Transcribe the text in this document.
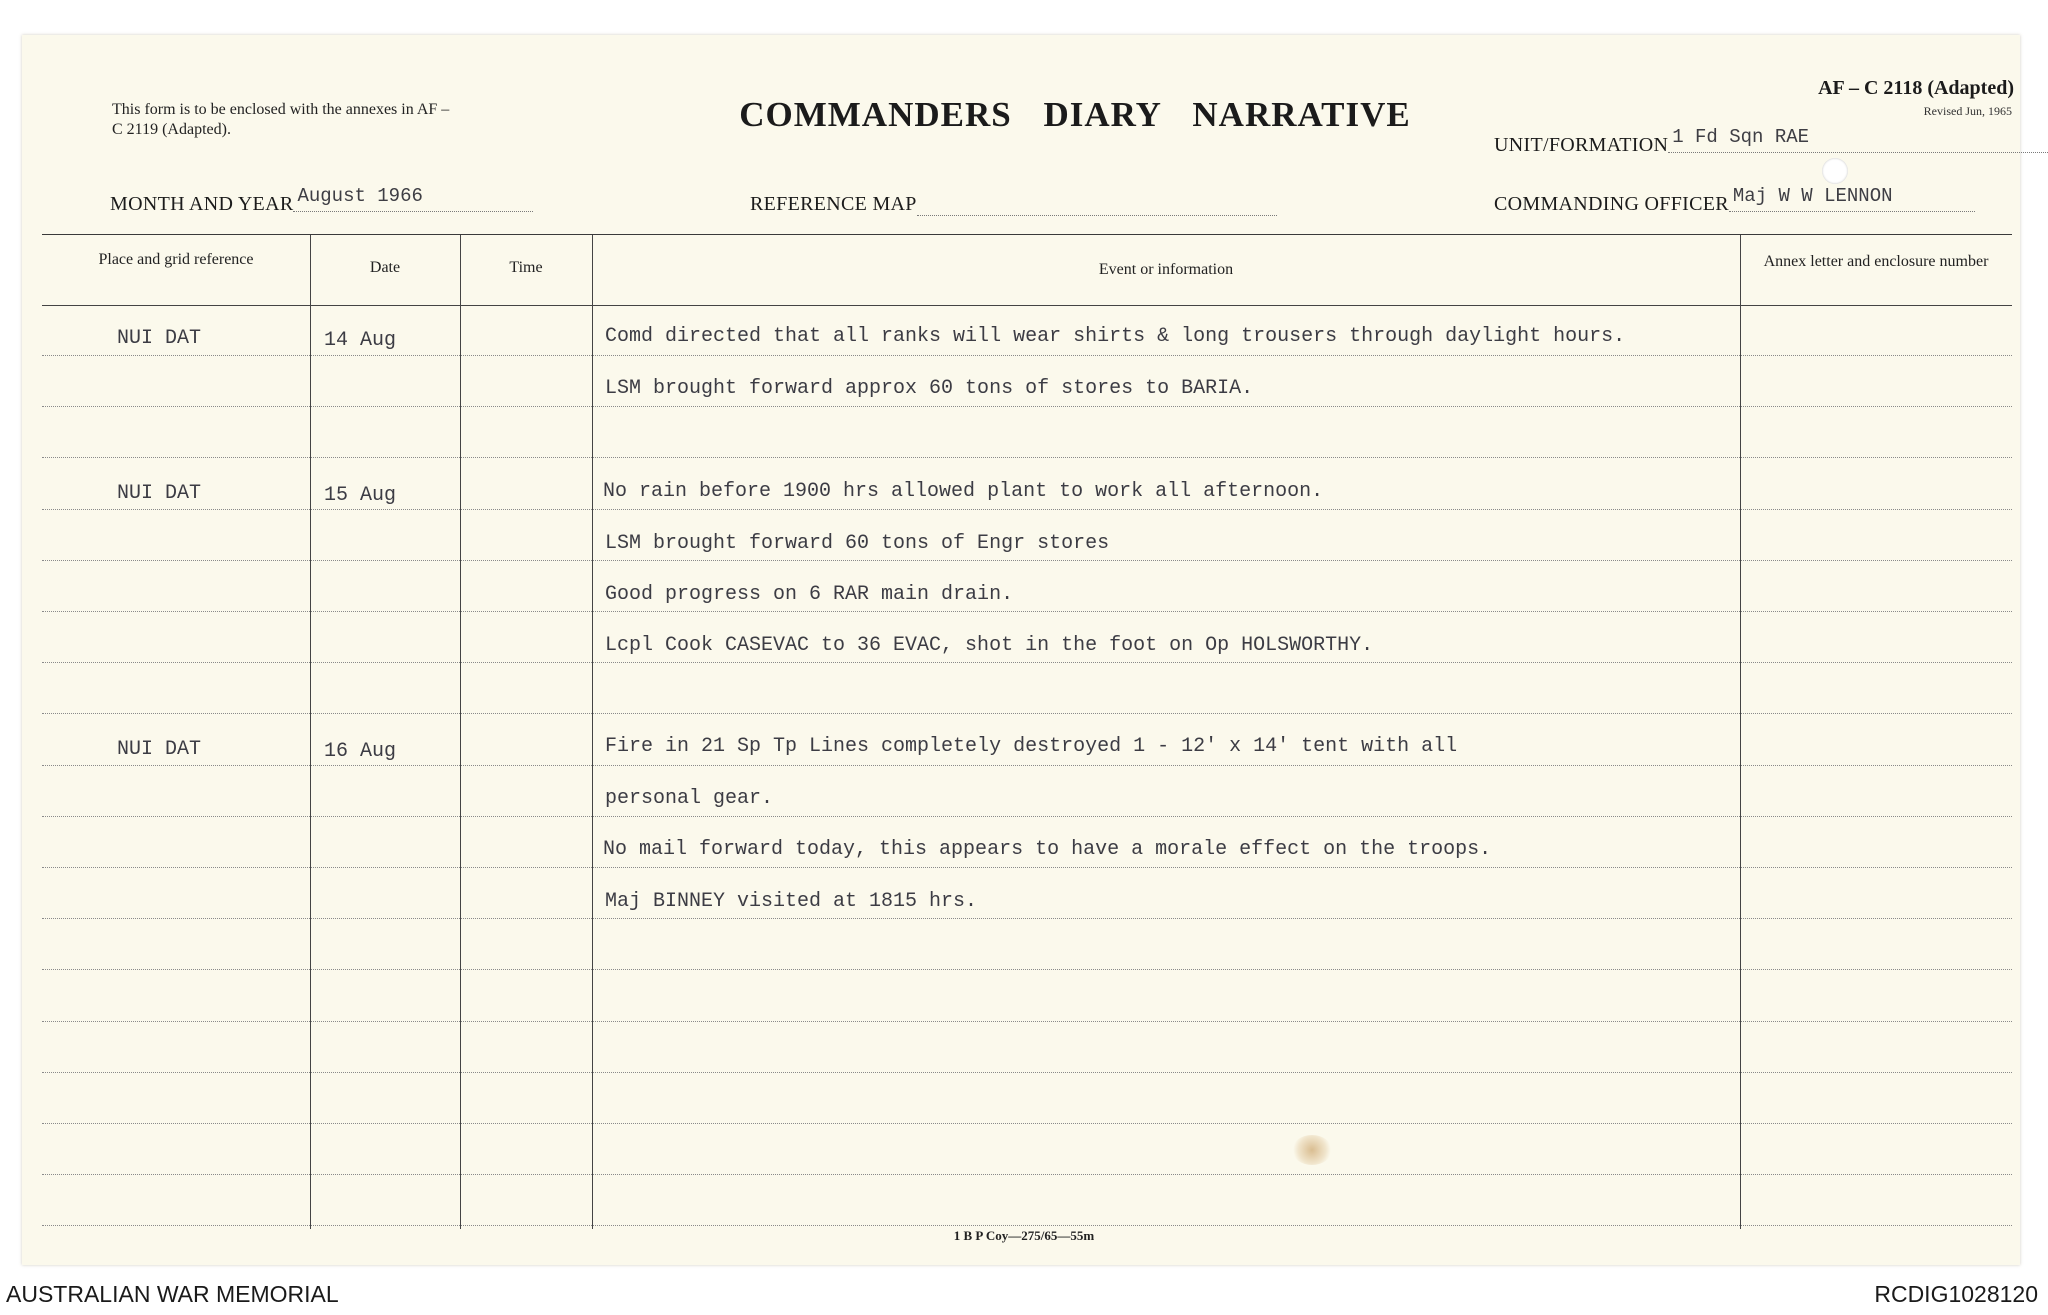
This form is to be enclosed with the annexes in AF – C 2119 (Adapted).	COMMANDERS DIARY NARRATIVE
AF – C 2118 (Adapted)
Revised Jun, 1965
UNIT/FORMATION 1 Fd Sqn RAE
MONTH AND YEAR August 1966	REFERENCE MAP	COMMANDING OFFICER Maj W W LENNON
Place and grid reference	Date	Time	Event or information	Annex letter and enclosure number
NUI DAT	14 Aug	Comd directed that all ranks will wear shirts & long trousers through daylight hours.
LSM brought forward approx 60 tons of stores to BARIA.
NUI DAT	15 Aug	No rain before 1900 hrs allowed plant to work all afternoon.
LSM brought forward 60 tons of Engr stores
Good progress on 6 RAR main drain.
Lcpl Cook CASEVAC to 36 EVAC, shot in the foot on Op HOLSWORTHY.
NUI DAT	16 Aug	Fire in 21 Sp Tp Lines completely destroyed 1 - 12' x 14' tent with all
personal gear.
No mail forward today, this appears to have a morale effect on the troops.
Maj BINNEY visited at 1815 hrs.
1 B P Coy—275/65—55m
AUSTRALIAN WAR MEMORIAL	RCDIG1028120
